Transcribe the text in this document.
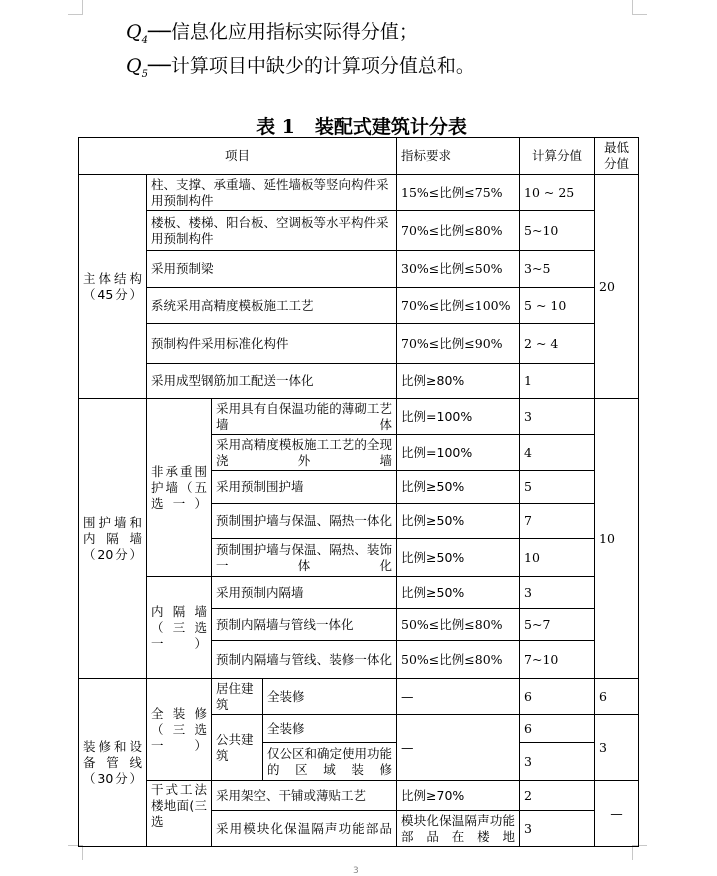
$Q_4──$信息化应用指标实际得分值；
$Q_5──$计算项目中缺少的计算项分值总和。
表 1 装配式建筑计分表
项目				指标要求	计算分值	最低
分值
主体结构（45分）	柱、支撑、承重墙、延性墙板等竖向构件采用预制构件			15%≤比例≤75%	10 ~ 25	20
	楼板、楼梯、阳台板、空调板等水平构件采用预制构件			70%≤比例≤80%	5~10	
	采用预制梁			30%≤比例≤50%	3~5	
	系统采用高精度模板施工工艺			70%≤比例≤100%	5 ~ 10	
	预制构件采用标准化构件			70%≤比例≤90%	2 ~ 4	
	采用成型钢筋加工配送一体化			比例≥80%	1	
围护墙和内隔墙（20分）	非承重围护墙（五选一）	采用具有自保温功能的薄砌工艺墙体		比例=100%	3	10
		采用高精度模板施工工艺的全现浇外墙		比例=100%	4	
		采用预制围护墙		比例≥50%	5	
		预制围护墙与保温、隔热一体化		比例≥50%	7	
		预制围护墙与保温、隔热、装饰一体化		比例≥50%	10	
	内隔墙（三选一）	采用预制内隔墙		比例≥50%	3	
		预制内隔墙与管线一体化		50%≤比例≤80%	5~7	
		预制内隔墙与管线、装修一体化		50%≤比例≤80%	7~10	
装修和设备管线（30分）	全装修（三选一）	居住建筑	全装修	—	6	6
		公共建筑	全装修	—	6	3
			仅公区和确定使用功能的区域装修		3	
	干式工法楼地面(三选	采用架空、干铺或薄贴工艺		比例≥70%	2	—
		采用模块化保温隔声功能部品		模块化保温隔声功能部品在楼地	3	
3
